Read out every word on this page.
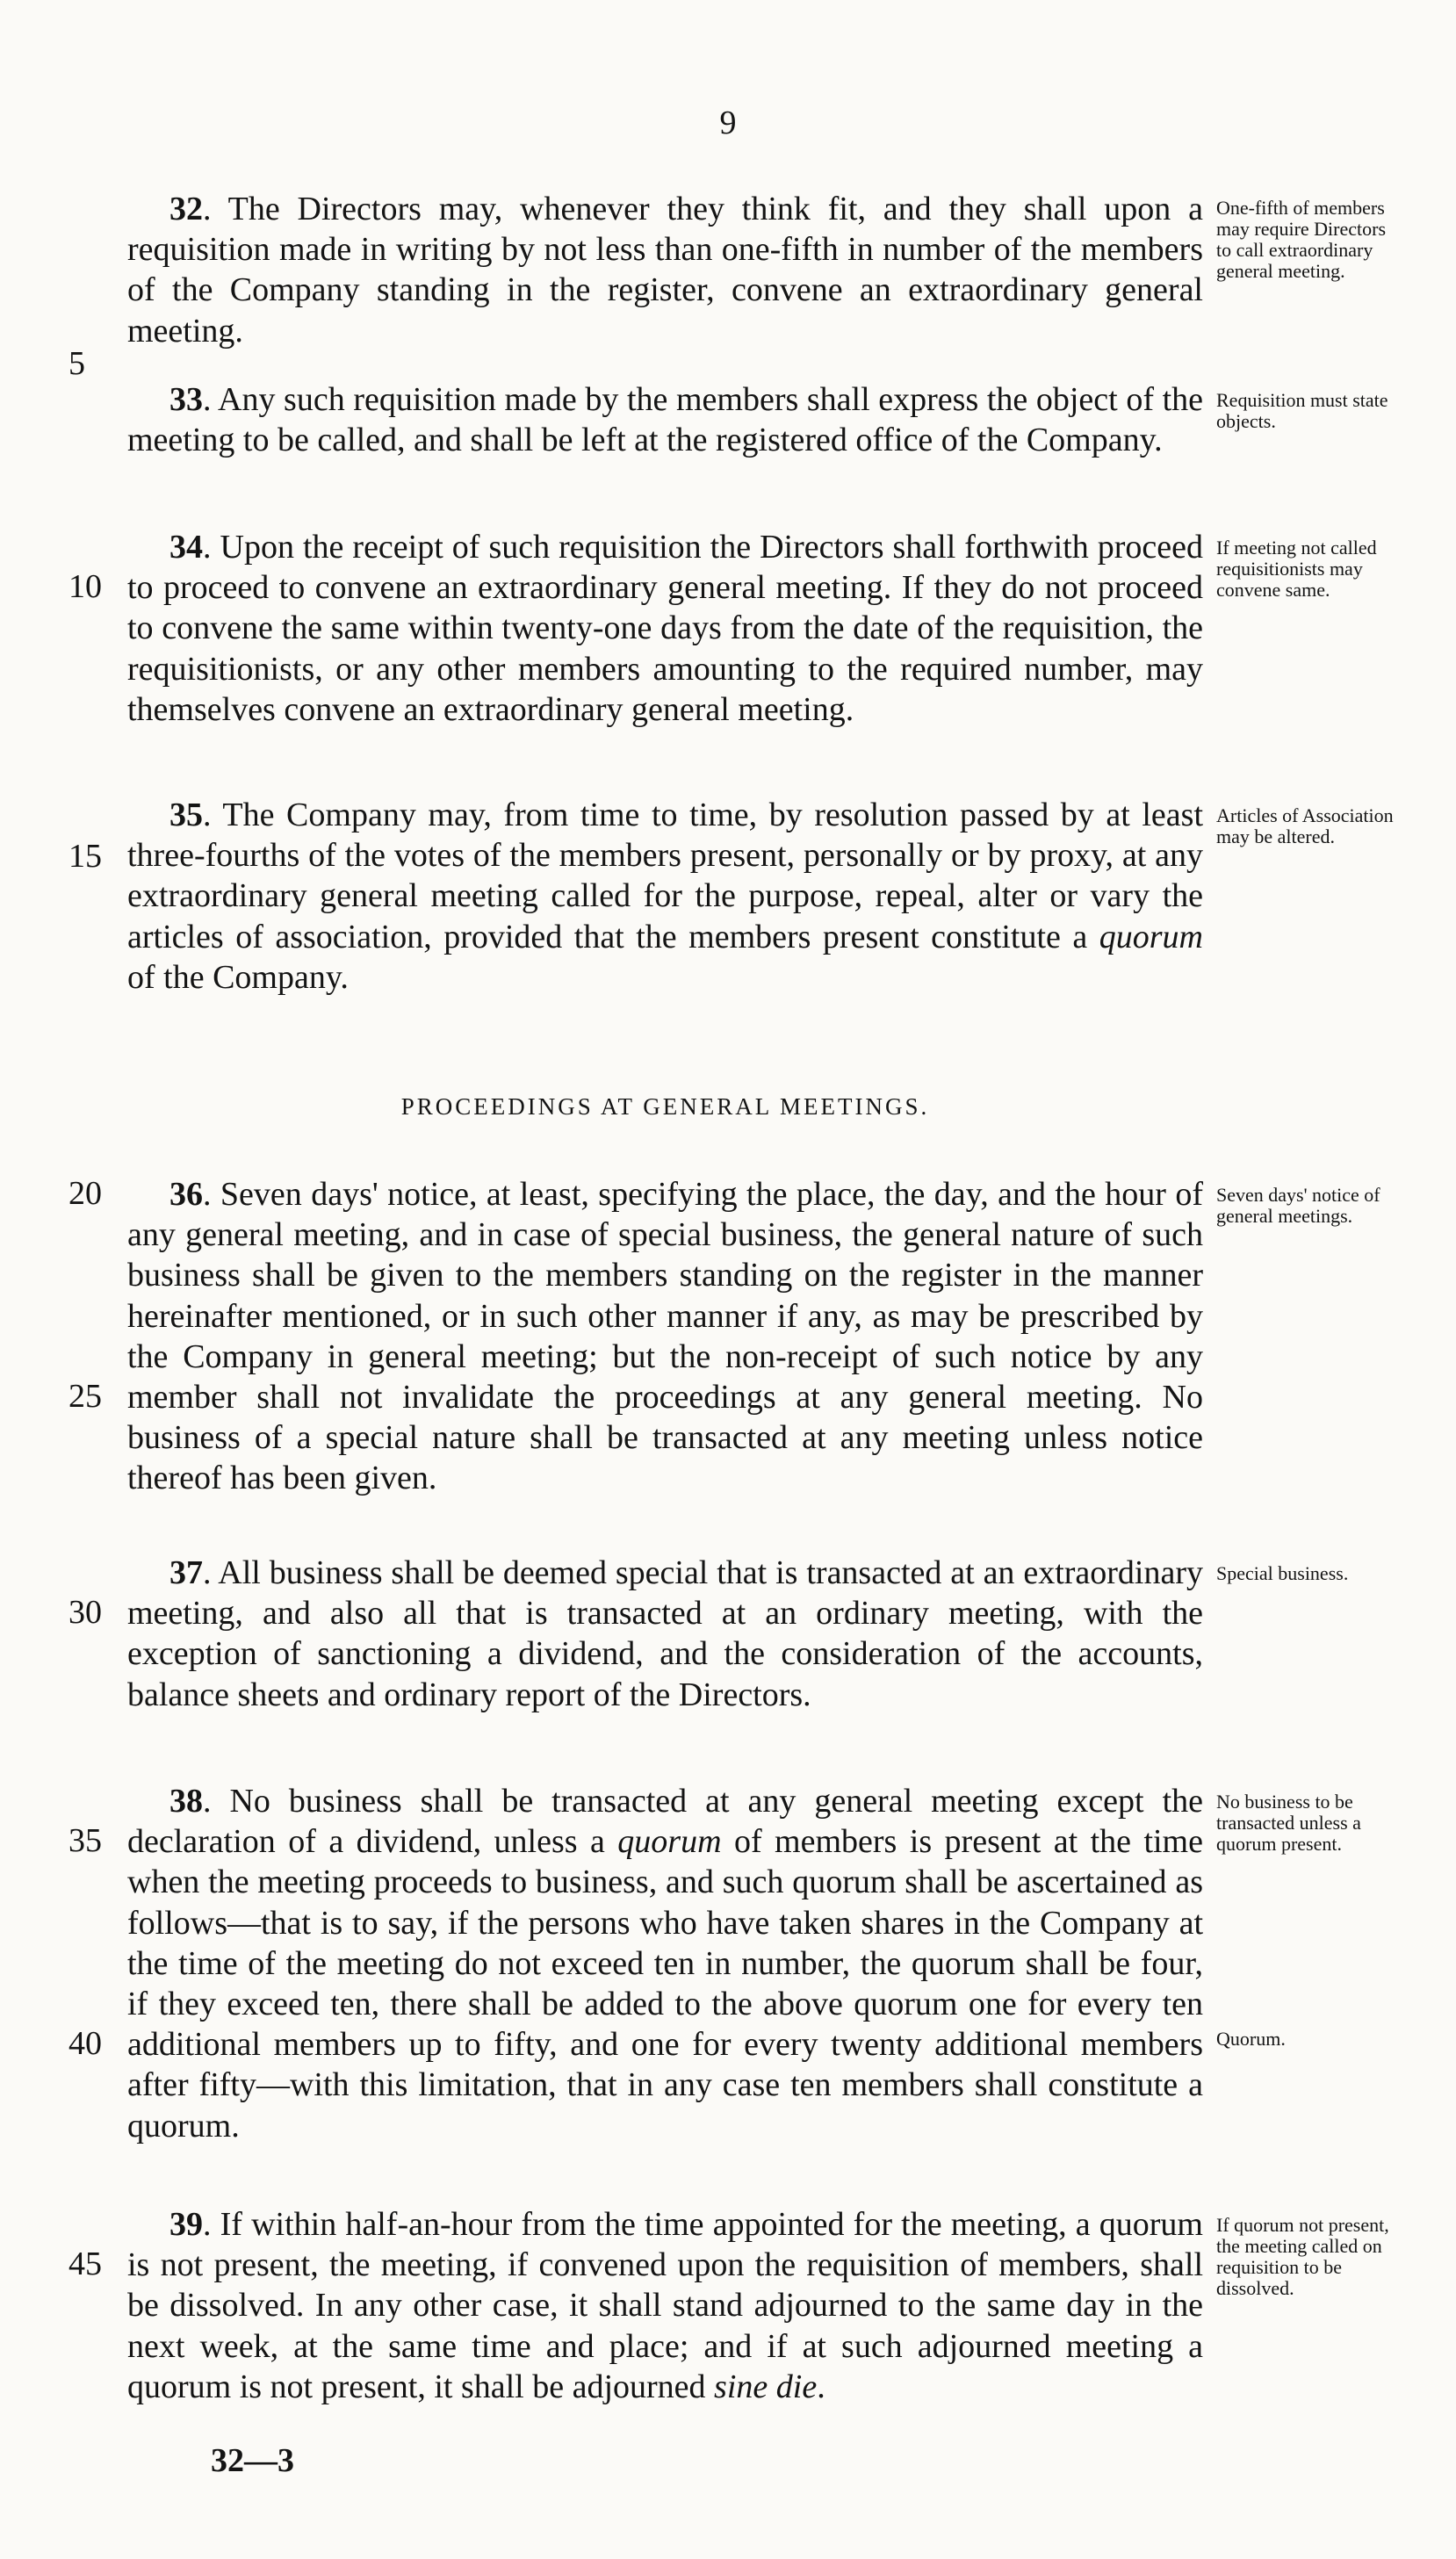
9

32. The Directors may, whenever they think fit, and they shall upon a requisition made in writing by not less than one-fifth in number of the members of the Company standing in the register, convene an extraordinary general meeting.

33. Any such requisition made by the members shall express the object of the meeting to be called, and shall be left at the registered office of the Company.

34. Upon the receipt of such requisition the Directors shall forthwith proceed to proceed to convene an extraordinary general meeting. If they do not proceed to convene the same within twenty-one days from the date of the requisition, the requisitionists, or any other members amounting to the required number, may themselves convene an extraordinary general meeting.

35. The Company may, from time to time, by resolution passed by at least three-fourths of the votes of the members present, personally or by proxy, at any extraordinary general meeting called for the purpose, repeal, alter or vary the articles of association, provided that the members present constitute a quorum of the Company.

PROCEEDINGS AT GENERAL MEETINGS.

36. Seven days' notice, at least, specifying the place, the day, and the hour of any general meeting, and in case of special business, the general nature of such business shall be given to the members standing on the register in the manner hereinafter mentioned, or in such other manner if any, as may be prescribed by the Company in general meeting; but the non-receipt of such notice by any member shall not invalidate the proceedings at any general meeting. No business of a special nature shall be transacted at any meeting unless notice thereof has been given.

37. All business shall be deemed special that is transacted at an extraordinary meeting, and also all that is transacted at an ordinary meeting, with the exception of sanctioning a dividend, and the consideration of the accounts, balance sheets and ordinary report of the Directors.

38. No business shall be transacted at any general meeting except the declaration of a dividend, unless a quorum of members is present at the time when the meeting proceeds to business, and such quorum shall be ascertained as follows—that is to say, if the persons who have taken shares in the Company at the time of the meeting do not exceed ten in number, the quorum shall be four, if they exceed ten, there shall be added to the above quorum one for every ten additional members up to fifty, and one for every twenty additional members after fifty—with this limitation, that in any case ten members shall constitute a quorum.

39. If within half-an-hour from the time appointed for the meeting, a quorum is not present, the meeting, if convened upon the requisition of members, shall be dissolved. In any other case, it shall stand adjourned to the same day in the next week, at the same time and place; and if at such adjourned meeting a quorum is not present, it shall be adjourned sine die.

5
10
15
20
25
30
35
40
45
One-fifth of members may require Directors to call extraordinary general meeting.
Requisition must state objects.
If meeting not called requisitionists may convene same.
Articles of Association may be altered.
Seven days' notice of general meetings.
Special business.
No business to be transacted unless a quorum present.
Quorum.
If quorum not present, the meeting called on requisition to be dissolved.
32—3
